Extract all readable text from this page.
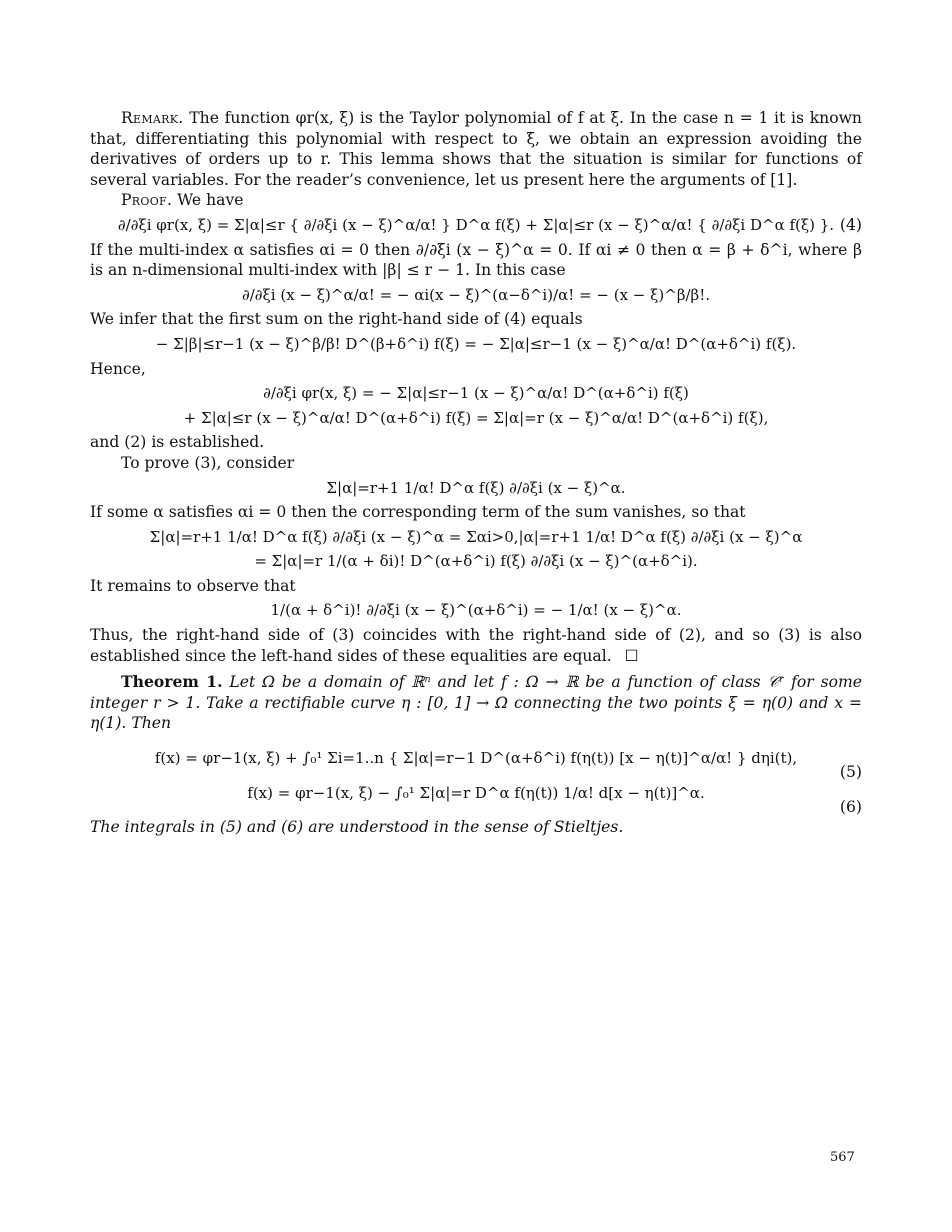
Remark. The function φr(x, ξ) is the Taylor polynomial of f at ξ. In the case n = 1 it is known that, differentiating this polynomial with respect to ξ, we obtain an expression avoiding the derivatives of orders up to r. This lemma shows that the situation is similar for functions of several variables. For the reader’s convenience, let us present here the arguments of [1].

Proof. We have

∂/∂ξi φr(x, ξ) = Σ|α|≤r { ∂/∂ξi (x − ξ)^α/α! } D^α f(ξ) + Σ|α|≤r (x − ξ)^α/α! { ∂/∂ξi D^α f(ξ) }. (4)

If the multi-index α satisfies αi = 0 then ∂/∂ξi (x − ξ)^α = 0. If αi ≠ 0 then α = β + δ^i, where β is an n-dimensional multi-index with |β| ≤ r − 1. In this case

∂/∂ξi (x − ξ)^α/α! = − αi(x − ξ)^(α−δ^i)/α! = − (x − ξ)^β/β!.

We infer that the first sum on the right-hand side of (4) equals

− Σ|β|≤r−1 (x − ξ)^β/β! D^(β+δ^i) f(ξ) = − Σ|α|≤r−1 (x − ξ)^α/α! D^(α+δ^i) f(ξ).

Hence,

∂/∂ξi φr(x, ξ) = − Σ|α|≤r−1 (x − ξ)^α/α! D^(α+δ^i) f(ξ)
+ Σ|α|≤r (x − ξ)^α/α! D^(α+δ^i) f(ξ) = Σ|α|=r (x − ξ)^α/α! D^(α+δ^i) f(ξ),

and (2) is established.

To prove (3), consider

Σ|α|=r+1 1/α! D^α f(ξ) ∂/∂ξi (x − ξ)^α.

If some α satisfies αi = 0 then the corresponding term of the sum vanishes, so that

Σ|α|=r+1 1/α! D^α f(ξ) ∂/∂ξi (x − ξ)^α = Σαi>0,|α|=r+1 1/α! D^α f(ξ) ∂/∂ξi (x − ξ)^α
= Σ|α|=r 1/(α + δi)! D^(α+δ^i) f(ξ) ∂/∂ξi (x − ξ)^(α+δ^i).

It remains to observe that

1/(α + δ^i)! ∂/∂ξi (x − ξ)^(α+δ^i) = − 1/α! (x − ξ)^α.

Thus, the right-hand side of (3) coincides with the right-hand side of (2), and so (3) is also established since the left-hand sides of these equalities are equal. ☐

Theorem 1. Let Ω be a domain of ℝⁿ and let f : Ω → ℝ be a function of class 𝒞ʳ for some integer r > 1. Take a rectifiable curve η : [0, 1] → Ω connecting the two points ξ = η(0) and x = η(1). Then

f(x) = φr−1(x, ξ) + ∫₀¹ Σi=1..n { Σ|α|=r−1 D^(α+δ^i) f(η(t)) [x − η(t)]^α/α! } dηi(t),
(5)
f(x) = φr−1(x, ξ) − ∫₀¹ Σ|α|=r D^α f(η(t)) 1/α! d[x − η(t)]^α.
(6)

The integrals in (5) and (6) are understood in the sense of Stieltjes.

567
